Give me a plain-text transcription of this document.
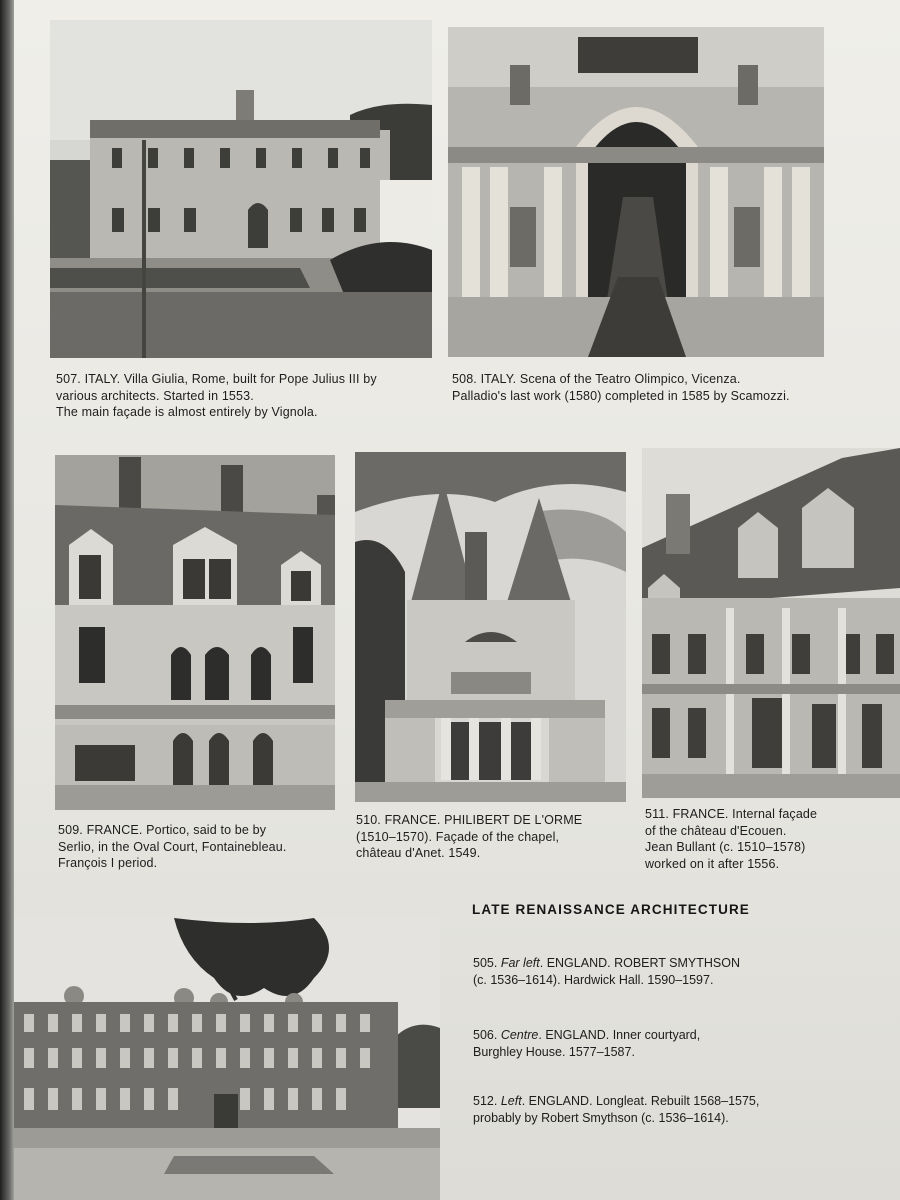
507. ITALY. Villa Giulia, Rome, built for Pope Julius III by
various architects. Started in 1553.
The main façade is almost entirely by Vignola.
508. ITALY. Scena of the Teatro Olimpico, Vicenza.
Palladio's last work (1580) completed in 1585 by Scamozzi.
509. FRANCE. Portico, said to be by
Serlio, in the Oval Court, Fontainebleau.
François I period.
510. FRANCE. PHILIBERT DE L'ORME
(1510–1570). Façade of the chapel,
château d'Anet. 1549.
511. FRANCE. Internal façade
of the château d'Ecouen.
Jean Bullant (c. 1510–1578)
worked on it after 1556.
LATE RENAISSANCE ARCHITECTURE
505. Far left. ENGLAND. ROBERT SMYTHSON
(c. 1536–1614). Hardwick Hall. 1590–1597.
506. Centre. ENGLAND. Inner courtyard,
Burghley House. 1577–1587.
512. Left. ENGLAND. Longleat. Rebuilt 1568–1575,
probably by Robert Smythson (c. 1536–1614).
